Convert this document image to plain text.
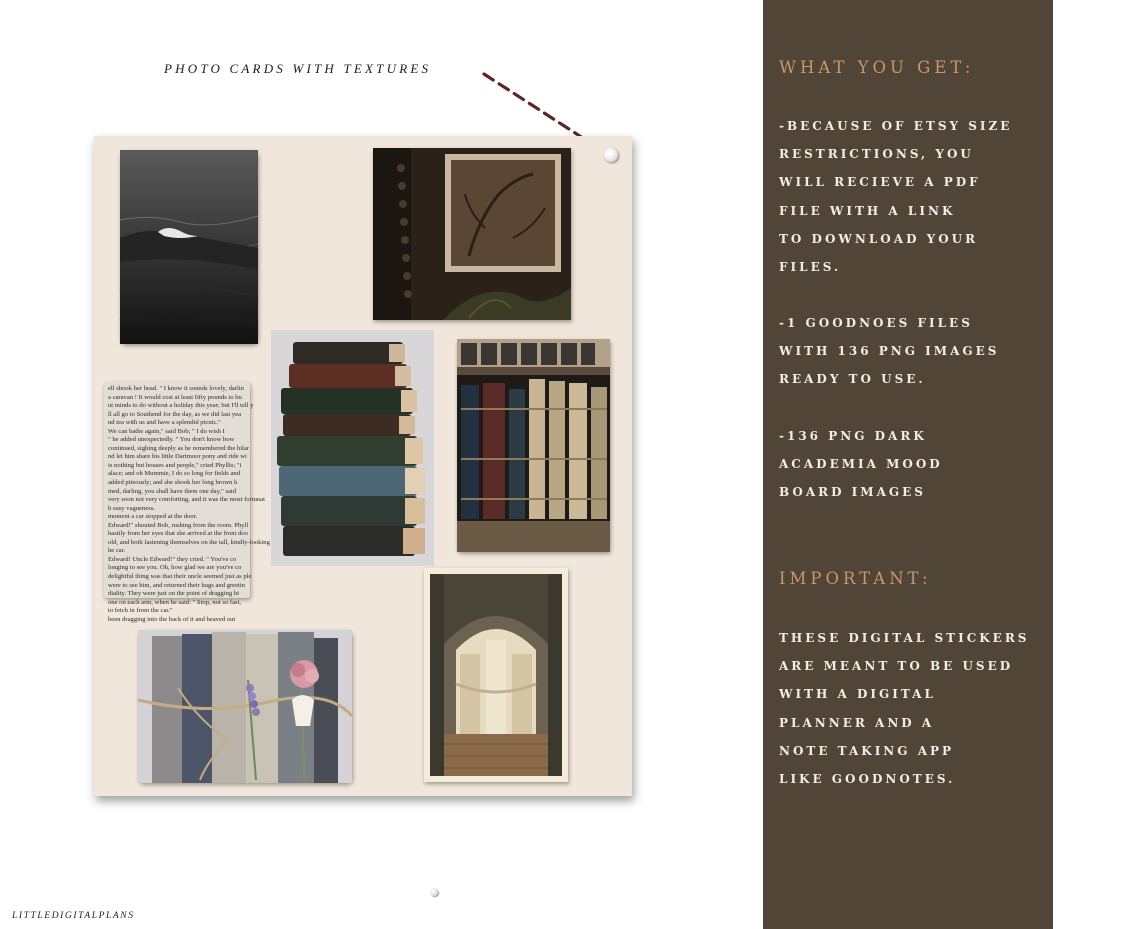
PHOTO CARDS WITH TEXTURES
ell shook her head. " I know it sounds lovely, darlin
a caravan ! It would cost at least fifty pounds to bu
ut minds to do without a holiday this year; but I'll tell y
ll all go to Southend for the day, as we did last yea
nd tea with us and have a splendid picnic."
We can bathe again," said Bob; " I do wish I
" he added unexpectedly. " You don't know how
continued, sighing deeply as he remembered the hilar
nd let him share his little Dartmoor pony and ride wi
is nothing but houses and people," cried Phyllis; "i
alace; and oh Mummie, I do so long for fields and
added piteously; and she shook her long brown h
ined, darling, you shall have them one day," said
very soon not very comforting, and it was the most fortunat
h easy vagueness.
moment a car stopped at the door.
Edward!" shouted Bob, rushing from the room. Phyll
hastily from her eyes that she arrived at the front doo
old, and both fastening themselves on the tall, kindly-looking
he car.
Edward! Uncle Edward!" they cried. " You've co
longing to see you. Oh, how glad we are you've co
delightful thing was that their uncle seemed just as ple
were to see him, and returned their hugs and greetin
diality. They were just on the point of dragging hi
one on each arm, when he said: " Stop, not so fast,
to fetch in from the car."
been dragging into the back of it and heaved out
LITTLEDIGITALPLANS
WHAT YOU GET:
-BECAUSE OF ETSY SIZE
RESTRICTIONS, YOU
WILL RECIEVE A PDF
FILE WITH A LINK
TO DOWNLOAD YOUR
FILES.
-1 GOODNOES FILES
WITH 136 PNG IMAGES
READY TO USE.
-136 PNG DARK
ACADEMIA MOOD
BOARD IMAGES
IMPORTANT:
THESE DIGITAL STICKERS
ARE MEANT TO BE USED
WITH A DIGITAL
PLANNER AND A
NOTE TAKING APP
LIKE GOODNOTES.
